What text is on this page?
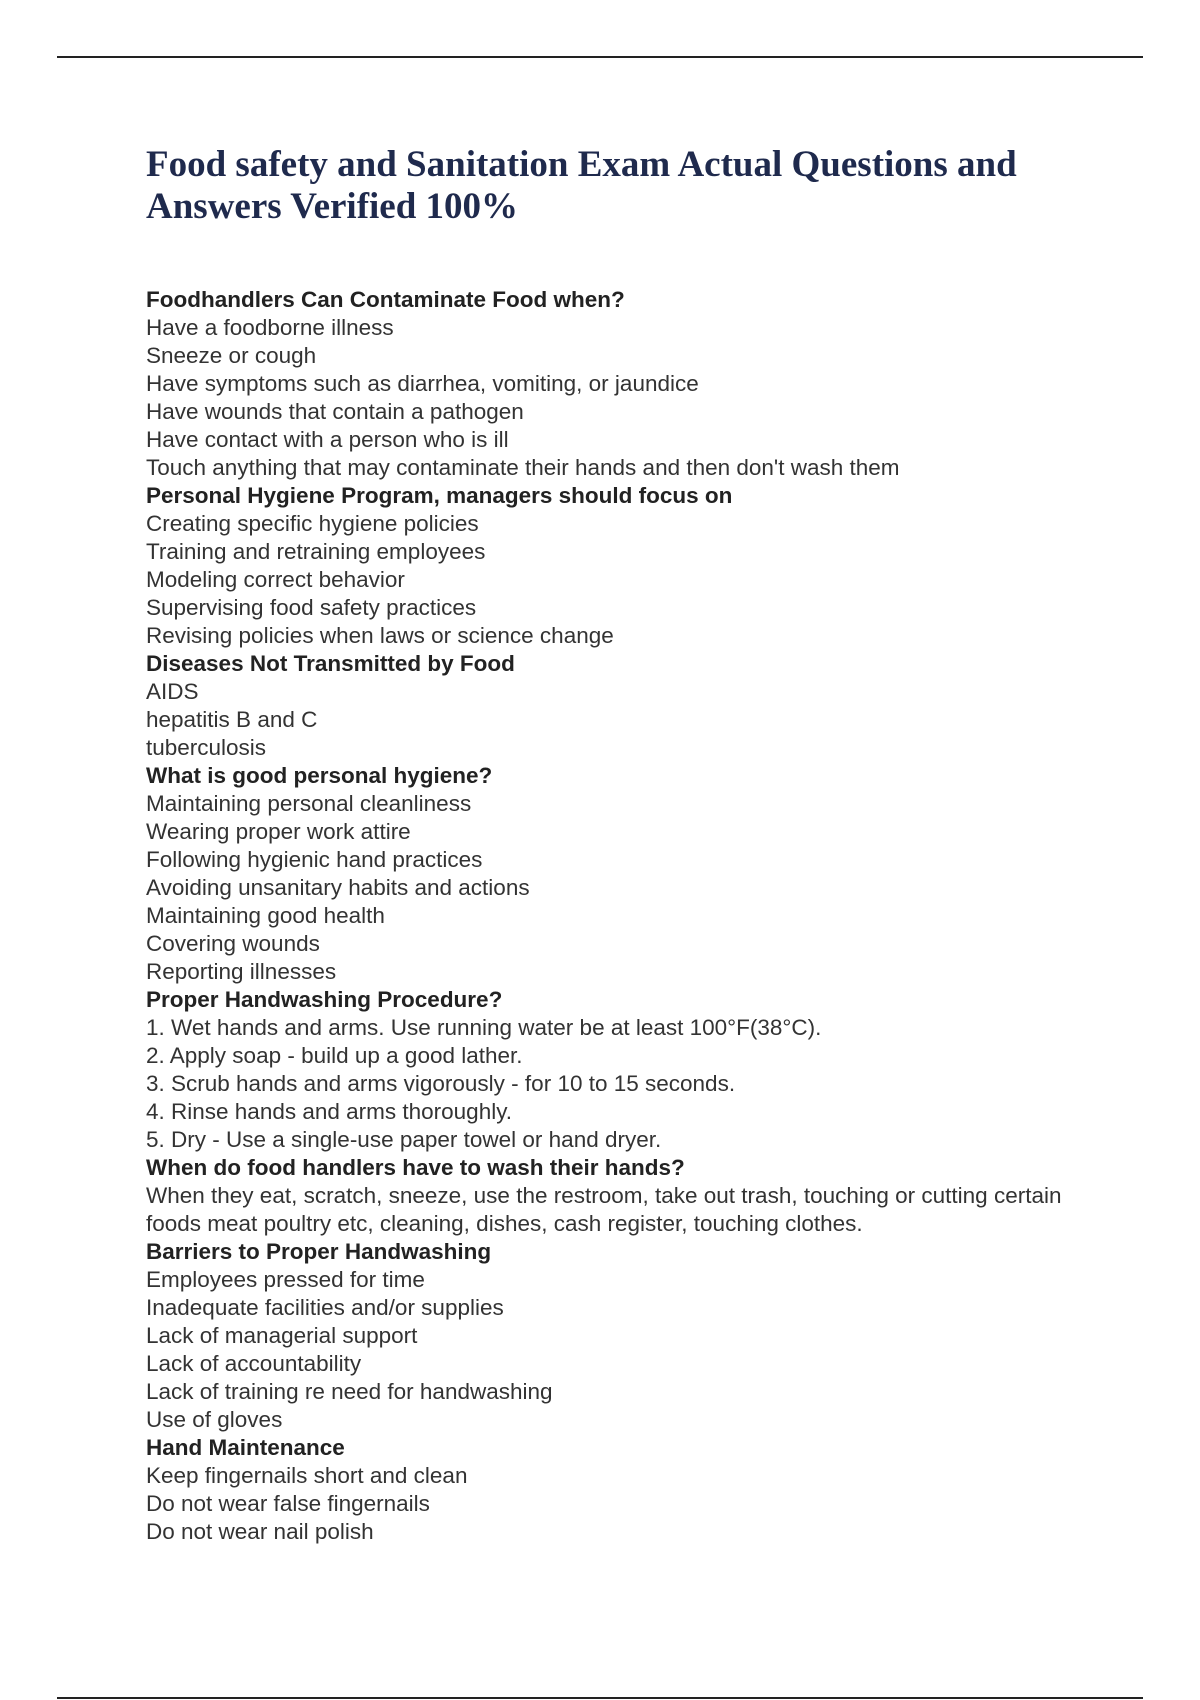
Food safety and Sanitation Exam Actual Questions and Answers Verified 100%
Foodhandlers Can Contaminate Food when?
Have a foodborne illness
Sneeze or cough
Have symptoms such as diarrhea, vomiting, or jaundice
Have wounds that contain a pathogen
Have contact with a person who is ill
Touch anything that may contaminate their hands and then don't wash them
Personal Hygiene Program, managers should focus on
Creating specific hygiene policies
Training and retraining employees
Modeling correct behavior
Supervising food safety practices
Revising policies when laws or science change
Diseases Not Transmitted by Food
AIDS
hepatitis B and C
tuberculosis
What is good personal hygiene?
Maintaining personal cleanliness
Wearing proper work attire
Following hygienic hand practices
Avoiding unsanitary habits and actions
Maintaining good health
Covering wounds
Reporting illnesses
Proper Handwashing Procedure?
1. Wet hands and arms. Use running water be at least 100°F(38°C).
2. Apply soap - build up a good lather.
3. Scrub hands and arms vigorously - for 10 to 15 seconds.
4. Rinse hands and arms thoroughly.
5. Dry - Use a single-use paper towel or hand dryer.
When do food handlers have to wash their hands?
When they eat, scratch, sneeze, use the restroom, take out trash, touching or cutting certain foods meat poultry etc, cleaning, dishes, cash register, touching clothes.
Barriers to Proper Handwashing
Employees pressed for time
Inadequate facilities and/or supplies
Lack of managerial support
Lack of accountability
Lack of training re need for handwashing
Use of gloves
Hand Maintenance
Keep fingernails short and clean
Do not wear false fingernails
Do not wear nail polish
